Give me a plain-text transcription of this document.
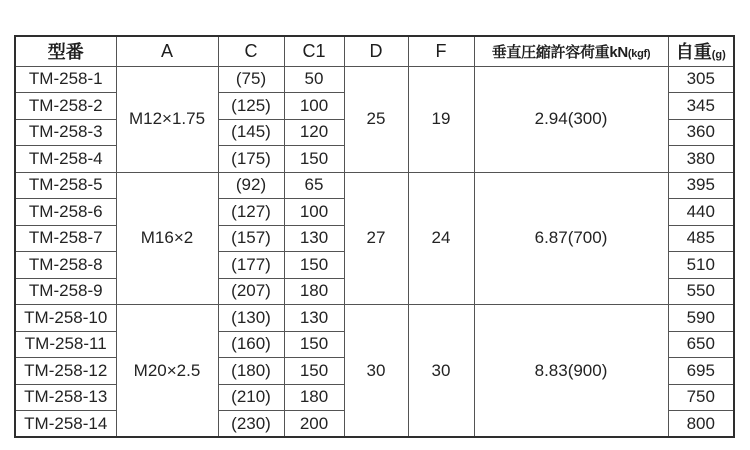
型番	A	C	C1	D	F	垂直圧縮許容荷重kN(kgf)	自重(g)
TM-258-1	M12×1.75	(75)	50	25	19	2.94(300)	305
TM-258-2		(125)	100				345
TM-258-3		(145)	120				360
TM-258-4		(175)	150				380
TM-258-5	M16×2	(92)	65	27	24	6.87(700)	395
TM-258-6		(127)	100				440
TM-258-7		(157)	130				485
TM-258-8		(177)	150				510
TM-258-9		(207)	180				550
TM-258-10	M20×2.5	(130)	130	30	30	8.83(900)	590
TM-258-11		(160)	150				650
TM-258-12		(180)	150				695
TM-258-13		(210)	180				750
TM-258-14		(230)	200				800
